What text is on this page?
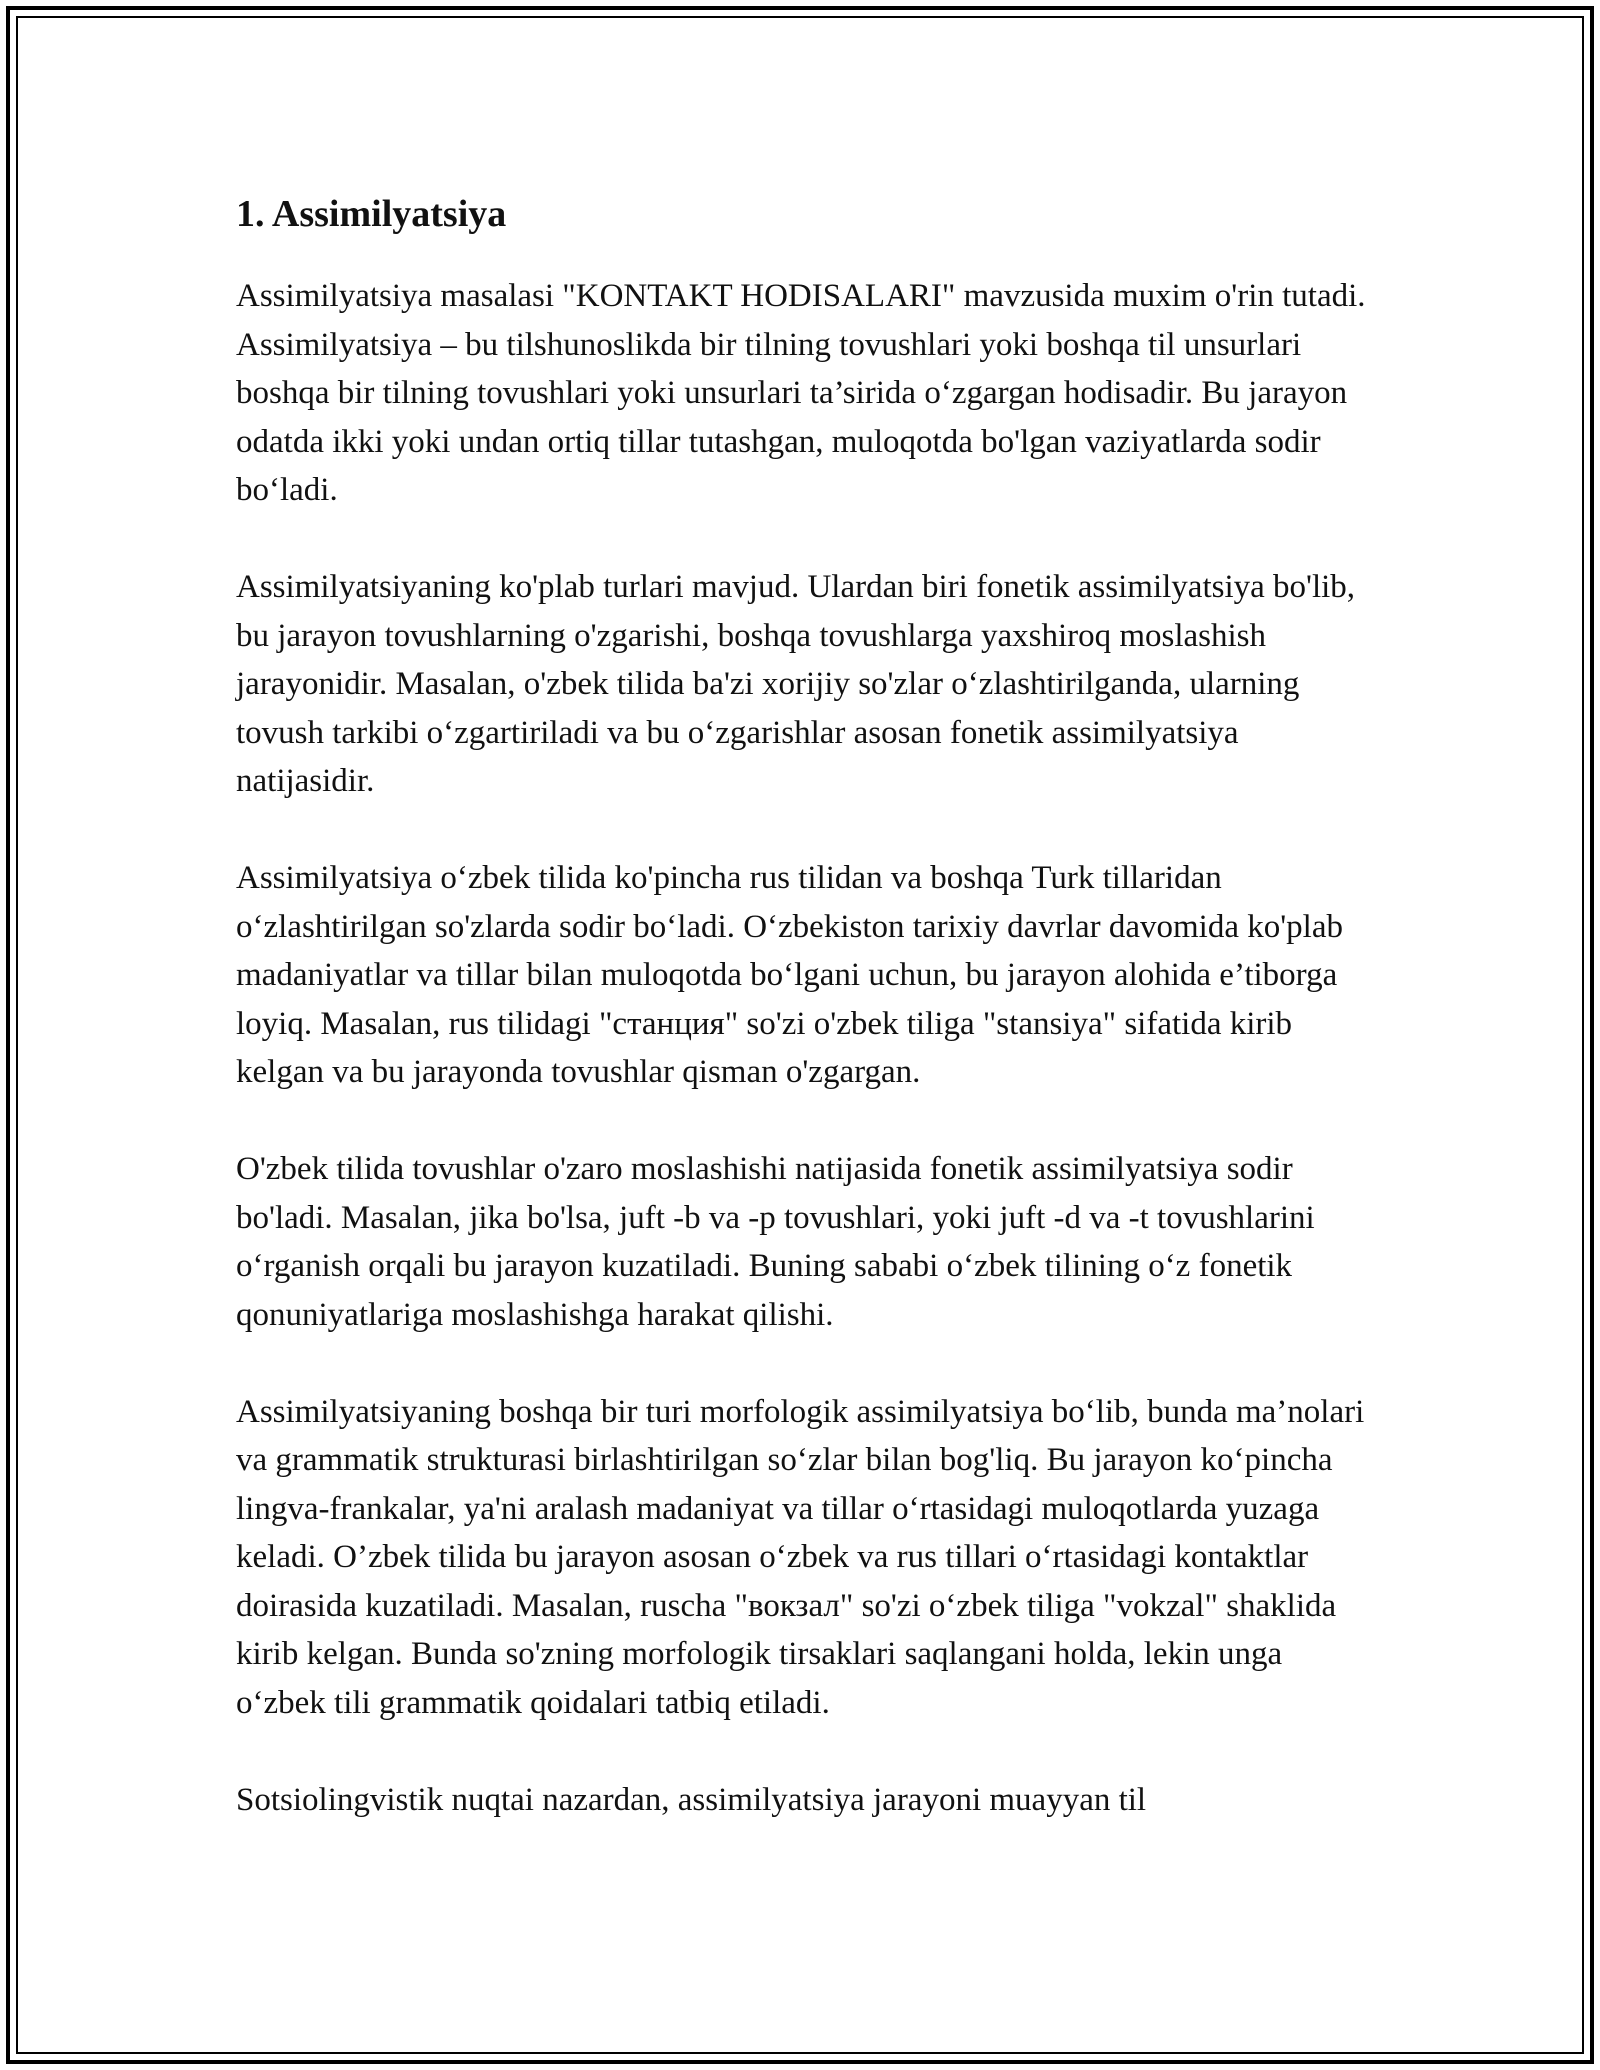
1. Assimilyatsiya

Assimilyatsiya masalasi "KONTAKT HODISALARI" mavzusida muxim o'rin tutadi. Assimilyatsiya – bu tilshunoslikda bir tilning tovushlari yoki boshqa til unsurlari boshqa bir tilning tovushlari yoki unsurlari ta’sirida o‘zgargan hodisadir. Bu jarayon odatda ikki yoki undan ortiq tillar tutashgan, muloqotda bo'lgan vaziyatlarda sodir bo‘ladi.

Assimilyatsiyaning ko'plab turlari mavjud. Ulardan biri fonetik assimilyatsiya bo'lib, bu jarayon tovushlarning o'zgarishi, boshqa tovushlarga yaxshiroq moslashish jarayonidir. Masalan, o'zbek tilida ba'zi xorijiy so'zlar o‘zlashtirilganda, ularning tovush tarkibi o‘zgartiriladi va bu o‘zgarishlar asosan fonetik assimilyatsiya natijasidir.

Assimilyatsiya o‘zbek tilida ko'pincha rus tilidan va boshqa Turk tillaridan o‘zlashtirilgan so'zlarda sodir bo‘ladi. O‘zbekiston tarixiy davrlar davomida ko'plab madaniyatlar va tillar bilan muloqotda bo‘lgani uchun, bu jarayon alohida e’tiborga loyiq. Masalan, rus tilidagi "станция" so'zi o'zbek tiliga "stansiya" sifatida kirib kelgan va bu jarayonda tovushlar qisman o'zgargan.

O'zbek tilida tovushlar o'zaro moslashishi natijasida fonetik assimilyatsiya sodir bo'ladi. Masalan, jika bo'lsa, juft -b va -p tovushlari, yoki juft -d va -t tovushlarini o‘rganish orqali bu jarayon kuzatiladi. Buning sababi o‘zbek tilining o‘z fonetik qonuniyatlariga moslashishga harakat qilishi.

Assimilyatsiyaning boshqa bir turi morfologik assimilyatsiya bo‘lib, bunda ma’nolari va grammatik strukturasi birlashtirilgan so‘zlar bilan bog'liq. Bu jarayon ko‘pincha lingva-frankalar, ya'ni aralash madaniyat va tillar o‘rtasidagi muloqotlarda yuzaga keladi. O’zbek tilida bu jarayon asosan o‘zbek va rus tillari o‘rtasidagi kontaktlar doirasida kuzatiladi. Masalan, ruscha "вокзал" so'zi o‘zbek tiliga "vokzal" shaklida kirib kelgan. Bunda so'zning morfologik tirsaklari saqlangani holda, lekin unga o‘zbek tili grammatik qoidalari tatbiq etiladi.

Sotsiolingvistik nuqtai nazardan, assimilyatsiya jarayoni muayyan til
